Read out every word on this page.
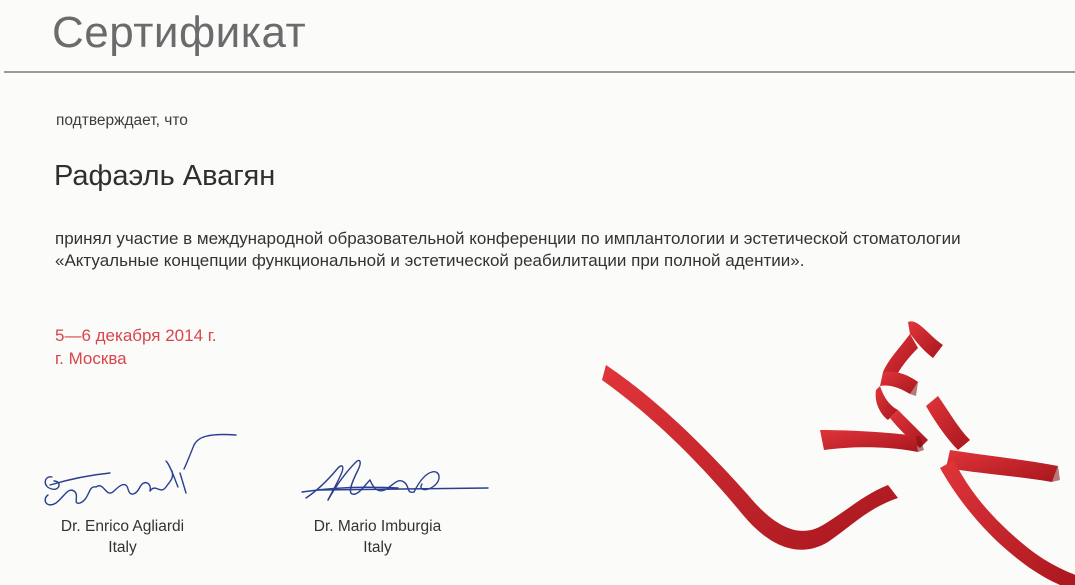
Сертификат
подтверждает, что
Рафаэль Авагян
принял участие в международной образовательной конференции по имплантологии и эстетической стоматологии
«Актуальные концепции функциональной и эстетической реабилитации при полной адентии».
5—6 декабря 2014 г.
г. Москва
Dr. Enrico Agliardi
Italy
Dr. Mario Imburgia
Italy
